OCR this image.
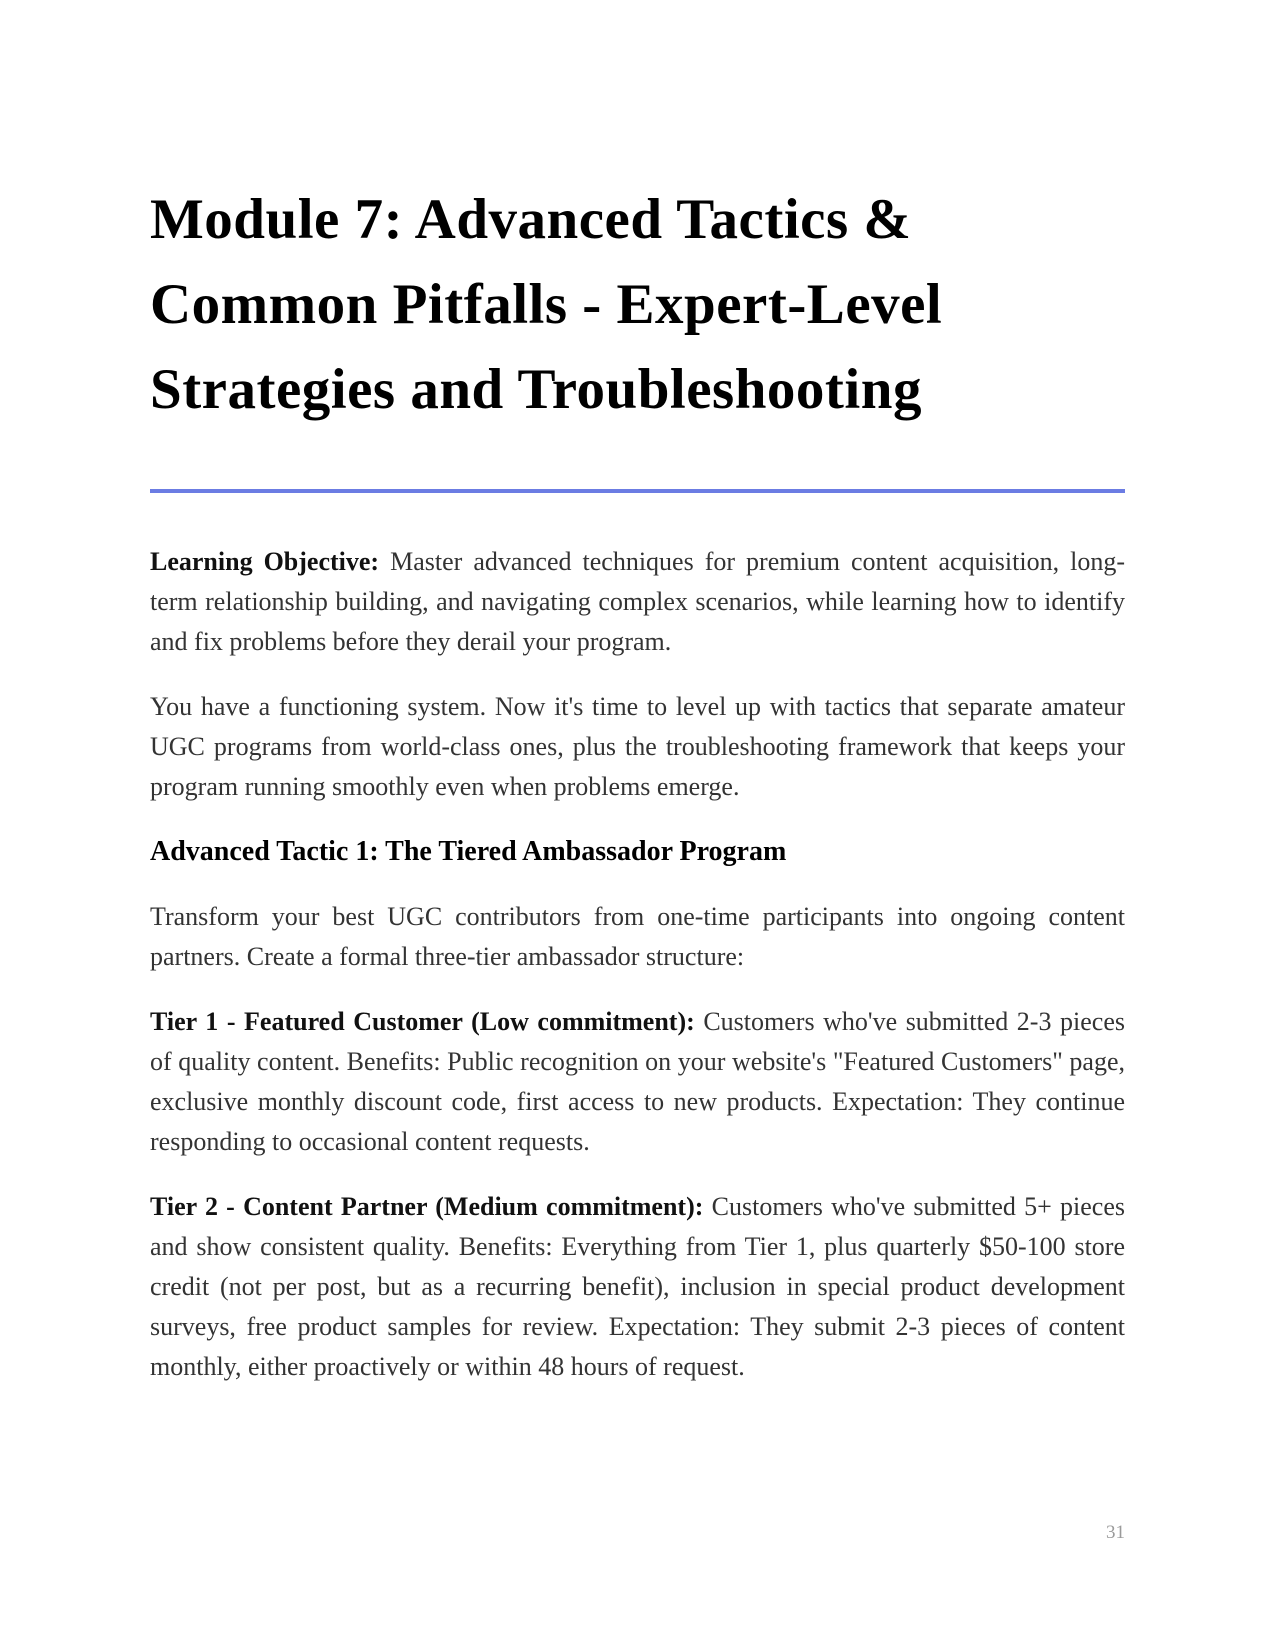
Module 7: Advanced Tactics &
Common Pitfalls - Expert-Level
Strategies and Troubleshooting

Learning Objective: Master advanced techniques for premium content acquisition, long-term relationship building, and navigating complex scenarios, while learning how to identify and fix problems before they derail your program.

You have a functioning system. Now it's time to level up with tactics that separate amateur UGC programs from world-class ones, plus the troubleshooting framework that keeps your program running smoothly even when problems emerge.

Advanced Tactic 1: The Tiered Ambassador Program

Transform your best UGC contributors from one-time participants into ongoing content partners. Create a formal three-tier ambassador structure:

Tier 1 - Featured Customer (Low commitment): Customers who've submitted 2-3 pieces of quality content. Benefits: Public recognition on your website's "Featured Customers" page, exclusive monthly discount code, first access to new products. Expectation: They continue responding to occasional content requests.

Tier 2 - Content Partner (Medium commitment): Customers who've submitted 5+ pieces and show consistent quality. Benefits: Everything from Tier 1, plus quarterly $50-100 store credit (not per post, but as a recurring benefit), inclusion in special product development surveys, free product samples for review. Expectation: They submit 2-3 pieces of content monthly, either proactively or within 48 hours of request.

31
